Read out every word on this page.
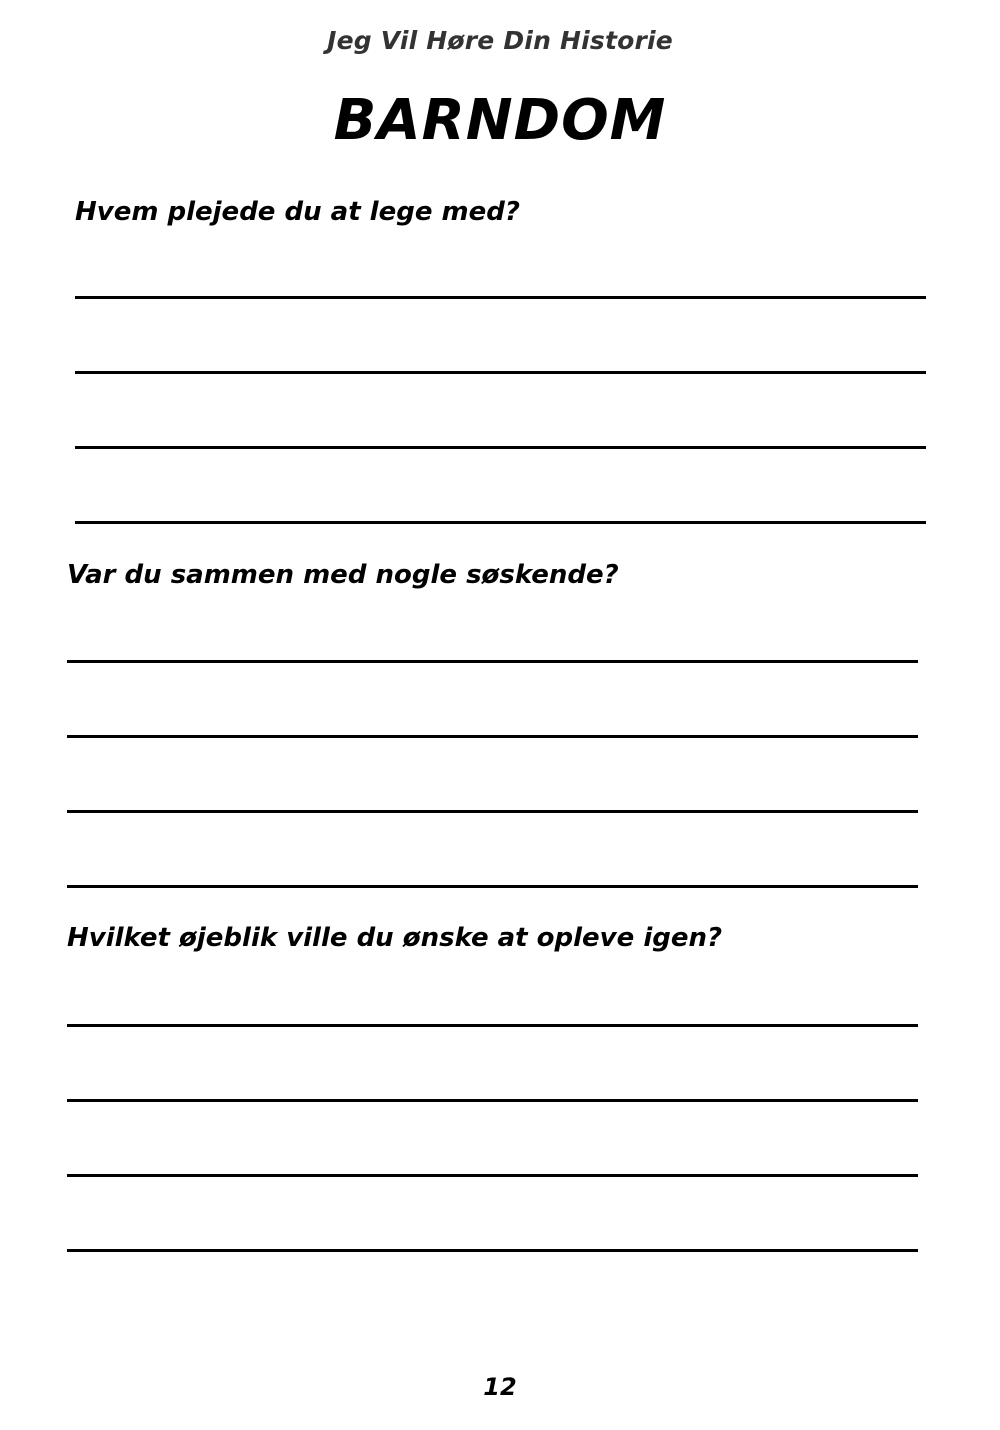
Jeg Vil Høre Din Historie
BARNDOM
Hvem plejede du at lege med?
Var du sammen med nogle søskende?
Hvilket øjeblik ville du ønske at opleve igen?
12
